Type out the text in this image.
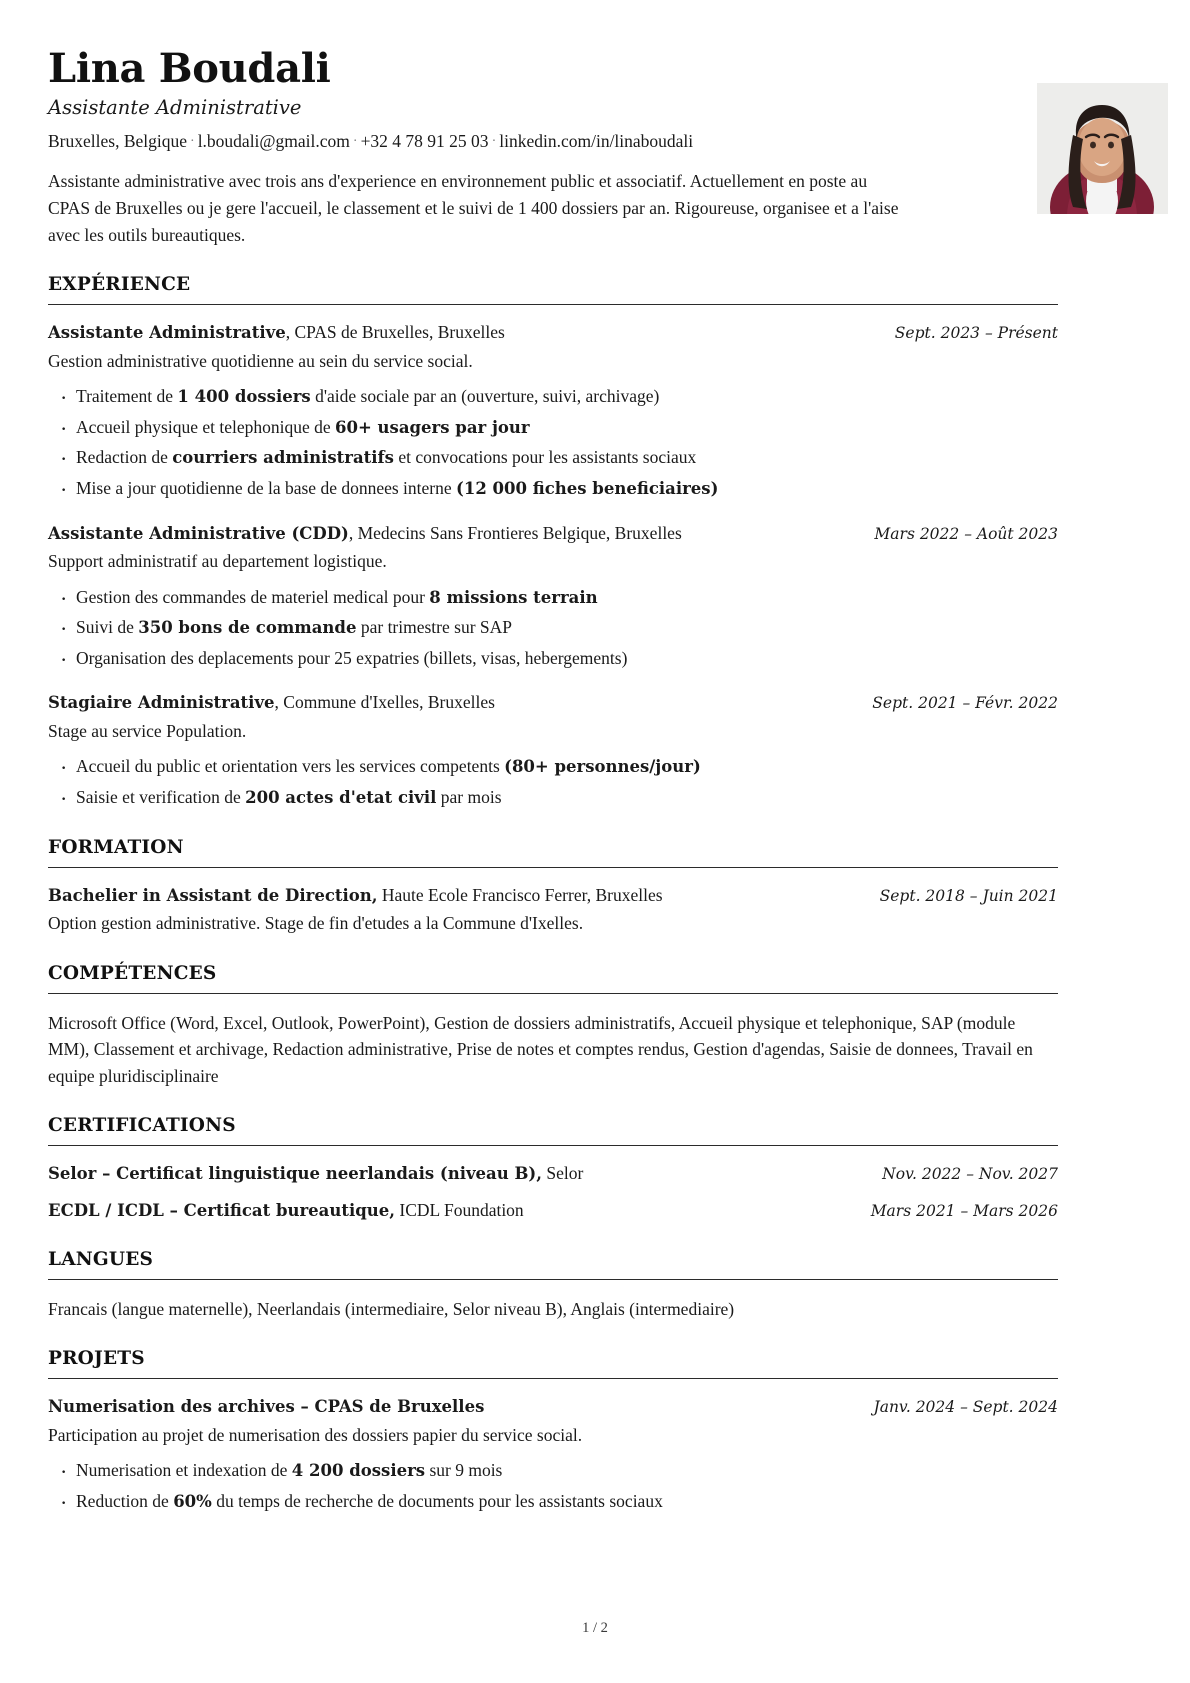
Lina Boudali
Assistante Administrative
Bruxelles, Belgique · l.boudali@gmail.com · +32 4 78 91 25 03 · linkedin.com/in/linaboudali

Assistante administrative avec trois ans d'experience en environnement public et associatif. Actuellement en poste au CPAS de Bruxelles ou je gere l'accueil, le classement et le suivi de 1 400 dossiers par an. Rigoureuse, organisee et a l'aise avec les outils bureautiques.

EXPÉRIENCE
Assistante Administrative, CPAS de Bruxelles, Bruxelles	Sept. 2023 – Présent
Gestion administrative quotidienne au sein du service social.
· Traitement de 1 400 dossiers d'aide sociale par an (ouverture, suivi, archivage)
· Accueil physique et telephonique de 60+ usagers par jour
· Redaction de courriers administratifs et convocations pour les assistants sociaux
· Mise a jour quotidienne de la base de donnees interne (12 000 fiches beneficiaires)
Assistante Administrative (CDD), Medecins Sans Frontieres Belgique, Bruxelles	Mars 2022 – Août 2023
Support administratif au departement logistique.
· Gestion des commandes de materiel medical pour 8 missions terrain
· Suivi de 350 bons de commande par trimestre sur SAP
· Organisation des deplacements pour 25 expatries (billets, visas, hebergements)
Stagiaire Administrative, Commune d'Ixelles, Bruxelles	Sept. 2021 – Févr. 2022
Stage au service Population.
· Accueil du public et orientation vers les services competents (80+ personnes/jour)
· Saisie et verification de 200 actes d'etat civil par mois
FORMATION
Bachelier in Assistant de Direction, Haute Ecole Francisco Ferrer, Bruxelles	Sept. 2018 – Juin 2021
Option gestion administrative. Stage de fin d'etudes a la Commune d'Ixelles.
COMPÉTENCES

Microsoft Office (Word, Excel, Outlook, PowerPoint), Gestion de dossiers administratifs, Accueil physique et telephonique, SAP (module MM), Classement et archivage, Redaction administrative, Prise de notes et comptes rendus, Gestion d'agendas, Saisie de donnees, Travail en equipe pluridisciplinaire

CERTIFICATIONS
Selor – Certificat linguistique neerlandais (niveau B), Selor	Nov. 2022 – Nov. 2027
ECDL / ICDL – Certificat bureautique, ICDL Foundation	Mars 2021 – Mars 2026
LANGUES

Francais (langue maternelle), Neerlandais (intermediaire, Selor niveau B), Anglais (intermediaire)

PROJETS
Numerisation des archives – CPAS de Bruxelles	Janv. 2024 – Sept. 2024
Participation au projet de numerisation des dossiers papier du service social.
· Numerisation et indexation de 4 200 dossiers sur 9 mois
· Reduction de 60% du temps de recherche de documents pour les assistants sociaux
1 / 2
